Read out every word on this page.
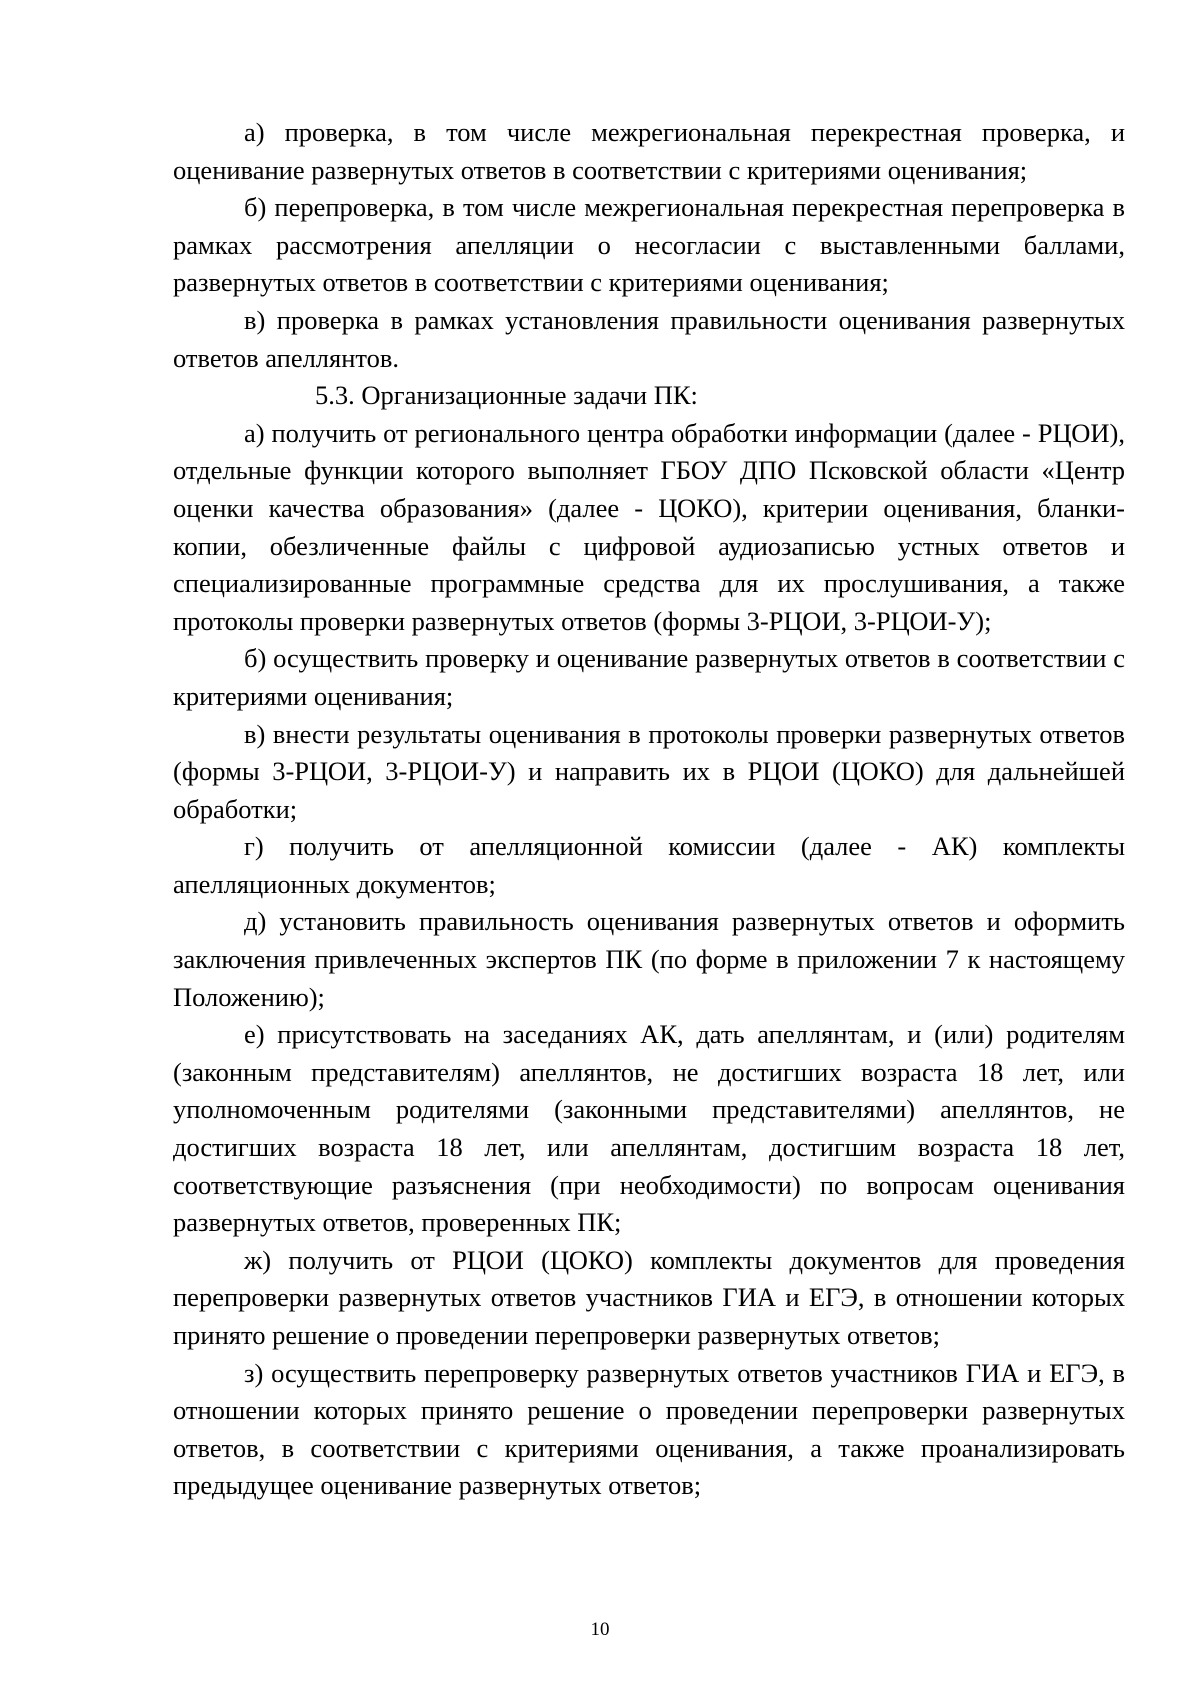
а) проверка, в том числе межрегиональная перекрестная проверка, и оценивание развернутых ответов в соответствии с критериями оценивания;

б) перепроверка, в том числе межрегиональная перекрестная перепроверка в рамках рассмотрения апелляции о несогласии с выставленными баллами, развернутых ответов в соответствии с критериями оценивания;

в) проверка в рамках установления правильности оценивания развернутых ответов апеллянтов.

5.3. Организационные задачи ПК:

а) получить от регионального центра обработки информации (далее - РЦОИ), отдельные функции которого выполняет ГБОУ ДПО Псковской области «Центр оценки качества образования» (далее - ЦОКО), критерии оценивания, бланки-копии, обезличенные файлы с цифровой аудиозаписью устных ответов и специализированные программные средства для их прослушивания, а также протоколы проверки развернутых ответов (формы 3-РЦОИ, 3-РЦОИ-У);

б) осуществить проверку и оценивание развернутых ответов в соответствии с критериями оценивания;

в) внести результаты оценивания в протоколы проверки развернутых ответов (формы 3-РЦОИ, 3-РЦОИ-У) и направить их в РЦОИ (ЦОКО) для дальнейшей обработки;

г) получить от апелляционной комиссии (далее - АК) комплекты апелляционных документов;

д) установить правильность оценивания развернутых ответов и оформить заключения привлеченных экспертов ПК (по форме в приложении 7 к настоящему Положению);

е) присутствовать на заседаниях АК, дать апеллянтам, и (или) родителям (законным представителям) апеллянтов, не достигших возраста 18 лет, или уполномоченным родителями (законными представителями) апеллянтов, не достигших возраста 18 лет, или апеллянтам, достигшим возраста 18 лет, соответствующие разъяснения (при необходимости) по вопросам оценивания развернутых ответов, проверенных ПК;

ж) получить от РЦОИ (ЦОКО) комплекты документов для проведения перепроверки развернутых ответов участников ГИА и ЕГЭ, в отношении которых принято решение о проведении перепроверки развернутых ответов;

з) осуществить перепроверку развернутых ответов участников ГИА и ЕГЭ, в отношении которых принято решение о проведении перепроверки развернутых ответов, в соответствии с критериями оценивания, а также проанализировать предыдущее оценивание развернутых ответов;

10
